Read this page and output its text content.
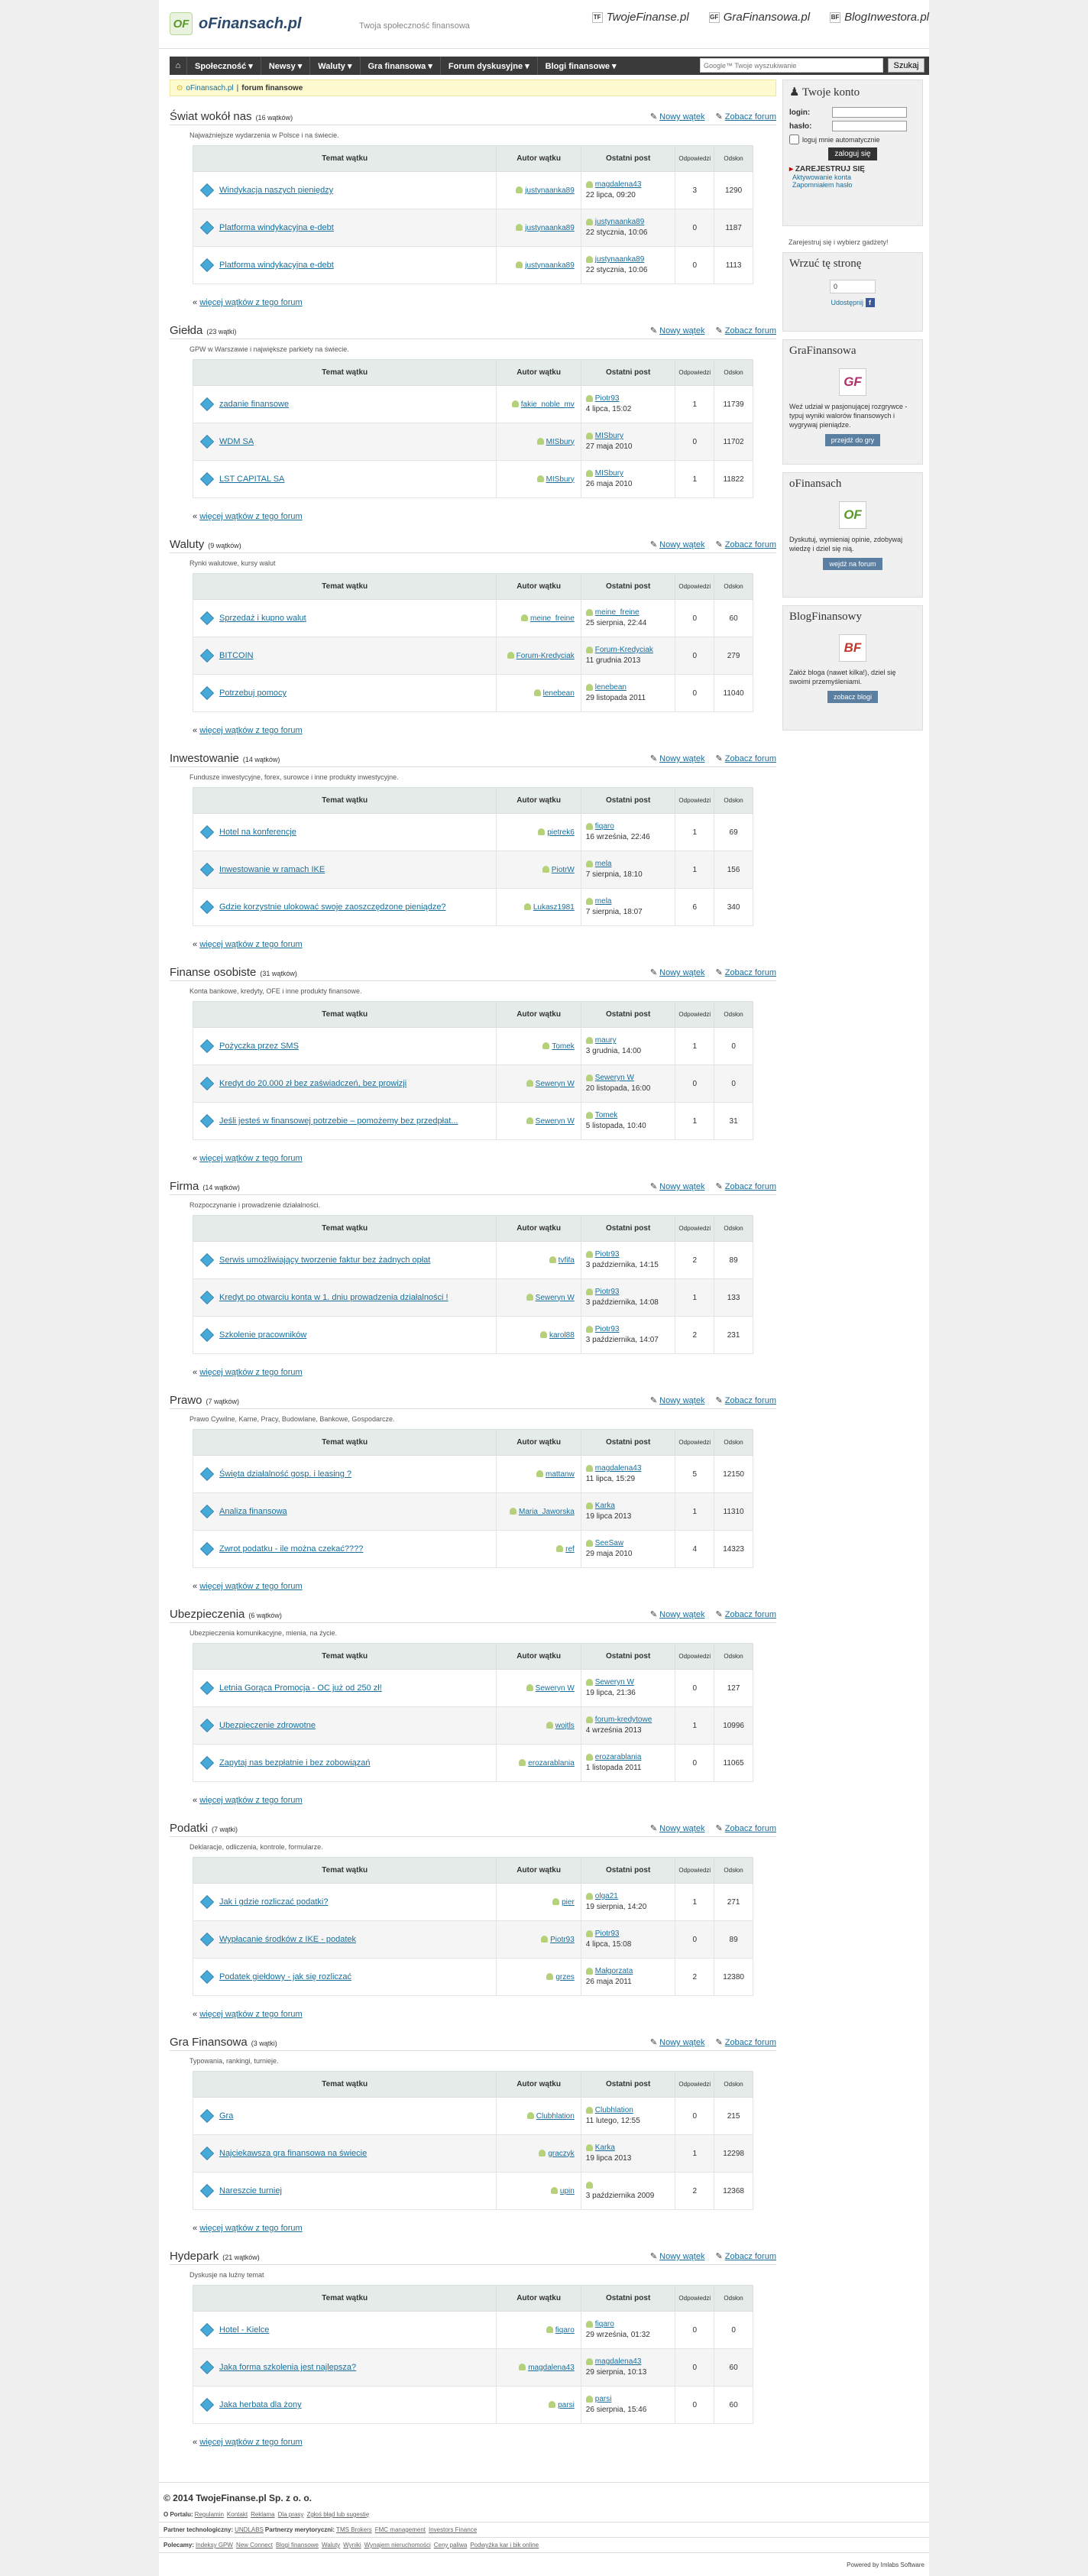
OF oFinansach.pl	Twoja społeczność finansowa
TF TwojeFinanse.pl	GF GraFinansowa.pl	BF BlogInwestora.pl
⌂	Społeczność ▾	Newsy ▾	Waluty ▾	Gra finansowa ▾	Forum dyskusyjne ▾	Blogi finansowe ▾
Google™ Twoje wyszukiwanie	Szukaj
⊙ oFinansach.pl | forum finansowe
Świat wokół nas (16 wątków)	✎ Nowy wątek ✎ Zobacz forum
Najważniejsze wydarzenia w Polsce i na świecie.
Temat wątku	Autor wątku	Ostatni post	Odpowiedzi	Odsłon

Windykacja naszych pieniędzy	justynaanka89	magdalena43
22 lipca, 09:20	3	1290

Platforma windykacyjna e-debt	justynaanka89	justynaanka89
22 stycznia, 10:06	0	1187

Platforma windykacyjna e-debt	justynaanka89	justynaanka89
22 stycznia, 10:06	0	1113
« więcej wątków z tego forum
Giełda (23 wątki)	✎ Nowy wątek ✎ Zobacz forum
GPW w Warszawie i największe parkiety na świecie.
Temat wątku	Autor wątku	Ostatni post	Odpowiedzi	Odsłon

zadanie finansowe	fakie_noble_mv	Piotr93
4 lipca, 15:02	1	11739

WDM SA	MISbury	MISbury
27 maja 2010	0	11702

LST CAPITAL SA	MISbury	MISbury
26 maja 2010	1	11822
« więcej wątków z tego forum
Waluty (9 wątków)	✎ Nowy wątek ✎ Zobacz forum
Rynki walutowe, kursy walut
Temat wątku	Autor wątku	Ostatni post	Odpowiedzi	Odsłon

Sprzedaż i kupno walut	meine_freine	meine_freine
25 sierpnia, 22:44	0	60

BITCOIN	Forum-Kredyciak	Forum-Kredyciak
11 grudnia 2013	0	279

Potrzebuj pomocy	lenebean	lenebean
29 listopada 2011	0	11040
« więcej wątków z tego forum
Inwestowanie (14 wątków)	✎ Nowy wątek ✎ Zobacz forum
Fundusze inwestycyjne, forex, surowce i inne produkty inwestycyjne.
Temat wątku	Autor wątku	Ostatni post	Odpowiedzi	Odsłon

Hotel na konferencje	pietrek6	fiqaro
16 września, 22:46	1	69

Inwestowanie w ramach IKE	PiotrW	mela
7 sierpnia, 18:10	1	156

Gdzie korzystnie ulokować swoje zaoszczędzone pieniądze?	Lukasz1981	mela
7 sierpnia, 18:07	6	340
« więcej wątków z tego forum
Finanse osobiste (31 wątków)	✎ Nowy wątek ✎ Zobacz forum
Konta bankowe, kredyty, OFE i inne produkty finansowe.
Temat wątku	Autor wątku	Ostatni post	Odpowiedzi	Odsłon

Pożyczka przez SMS	Tomek	maury
3 grudnia, 14:00	1	0

Kredyt do 20.000 zł bez zaświadczeń, bez prowizji	Seweryn W	Seweryn W
20 listopada, 16:00	0	0

Jeśli jesteś w finansowej potrzebie – pomożemy bez przedpłat...	Seweryn W	Tomek
5 listopada, 10:40	1	31
« więcej wątków z tego forum
Firma (14 wątków)	✎ Nowy wątek ✎ Zobacz forum
Rozpoczynanie i prowadzenie działalności.
Temat wątku	Autor wątku	Ostatni post	Odpowiedzi	Odsłon

Serwis umożliwiający tworzenie faktur bez żadnych opłat	tvfifa	Piotr93
3 października, 14:15	2	89

Kredyt po otwarciu konta w 1. dniu prowadzenia działalności !	Seweryn W	Piotr93
3 października, 14:08	1	133

Szkolenie pracowników	karol88	Piotr93
3 października, 14:07	2	231
« więcej wątków z tego forum
Prawo (7 wątków)	✎ Nowy wątek ✎ Zobacz forum
Prawo Cywilne, Karne, Pracy, Budowlane, Bankowe, Gospodarcze.
Temat wątku	Autor wątku	Ostatni post	Odpowiedzi	Odsłon

Święta działalność gosp. i leasing ?	mattanw	magdalena43
11 lipca, 15:29	5	12150

Analiza finansowa	Maria_Jaworska	Karka
19 lipca 2013	1	11310

Zwrot podatku - ile można czekać????	ref	SeeSaw
29 maja 2010	4	14323
« więcej wątków z tego forum
Ubezpieczenia (6 wątków)	✎ Nowy wątek ✎ Zobacz forum
Ubezpieczenia komunikacyjne, mienia, na życie.
Temat wątku	Autor wątku	Ostatni post	Odpowiedzi	Odsłon

Letnia Gorąca Promocja - OC już od 250 zł!	Seweryn W	Seweryn W
19 lipca, 21:36	0	127

Ubezpieczenie zdrowotne	wojtls	forum-kredytowe
4 września 2013	1	10996

Zapytaj nas bezpłatnie i bez zobowiązań	erozarablania	erozarablania
1 listopada 2011	0	11065
« więcej wątków z tego forum
Podatki (7 wątki)	✎ Nowy wątek ✎ Zobacz forum
Deklaracje, odliczenia, kontrole, formularze.
Temat wątku	Autor wątku	Ostatni post	Odpowiedzi	Odsłon

Jak i gdzie rozliczać podatki?	pier	olga21
19 sierpnia, 14:20	1	271

Wypłacanie środków z IKE - podatek	Piotr93	Piotr93
4 lipca, 15:08	0	89

Podatek giełdowy - jak się rozliczać	grzes	Małgorzata
26 maja 2011	2	12380
« więcej wątków z tego forum
Gra Finansowa (3 wątki)	✎ Nowy wątek ✎ Zobacz forum
Typowania, rankingi, turnieje.
Temat wątku	Autor wątku	Ostatni post	Odpowiedzi	Odsłon

Gra	Clubhlation	Clubhlation
11 lutego, 12:55	0	215

Najciekawsza gra finansowa na świecie	graczyk	Karka
19 lipca 2013	1	12298

Nareszcie turniej	upin	3 października 2009	2	12368
« więcej wątków z tego forum
Hydepark (21 wątków)	✎ Nowy wątek ✎ Zobacz forum
Dyskusje na luźny temat
Temat wątku	Autor wątku	Ostatni post	Odpowiedzi	Odsłon

Hotel - Kielce	fiqaro	fiqaro
29 września, 01:32	0	0

Jaka forma szkolenia jest najlepsza?	magdalena43	magdalena43
29 sierpnia, 10:13	0	60

Jaka herbata dla żony	parsi	parsi
26 sierpnia, 15:46	0	60
« więcej wątków z tego forum
♟ Twoje konto
login:
hasło:
loguj mnie automatycznie
zaloguj się
▸ ZAREJESTRUJ SIĘ
Aktywowanie konta
Zapomniałem hasło
Zarejestruj się i wybierz gadżety!
Wrzuć tę stronę
0
Udostępnij f
GraFinansowa
GF
Weź udział w pasjonującej rozgrywce - typuj wyniki walorów finansowych i wygrywaj pieniądze.
przejdź do gry
oFinansach
OF
Dyskutuj, wymieniaj opinie, zdobywaj wiedzę i dziel się nią.
wejdź na forum
BlogFinansowy
BF
Załóż bloga (nawet kilka!), dziel się swoimi przemyśleniami.
zobacz blogi
© 2014 TwojeFinanse.pl Sp. z o. o.
O Portalu: Regulamin Kontakt Reklama Dla prasy Zgłoś błąd lub sugestię
Partner technologiczny: UNDLABS Partnerzy merytoryczni: TMS Brokers FMC management Investors Finance
Polecamy: Indeksy GPW New Connect Blogi finansowe Waluty Wyniki Wynajem nieruchomości Ceny paliwa Podwyżka kar i bik online
Powered by Imlabs Software
